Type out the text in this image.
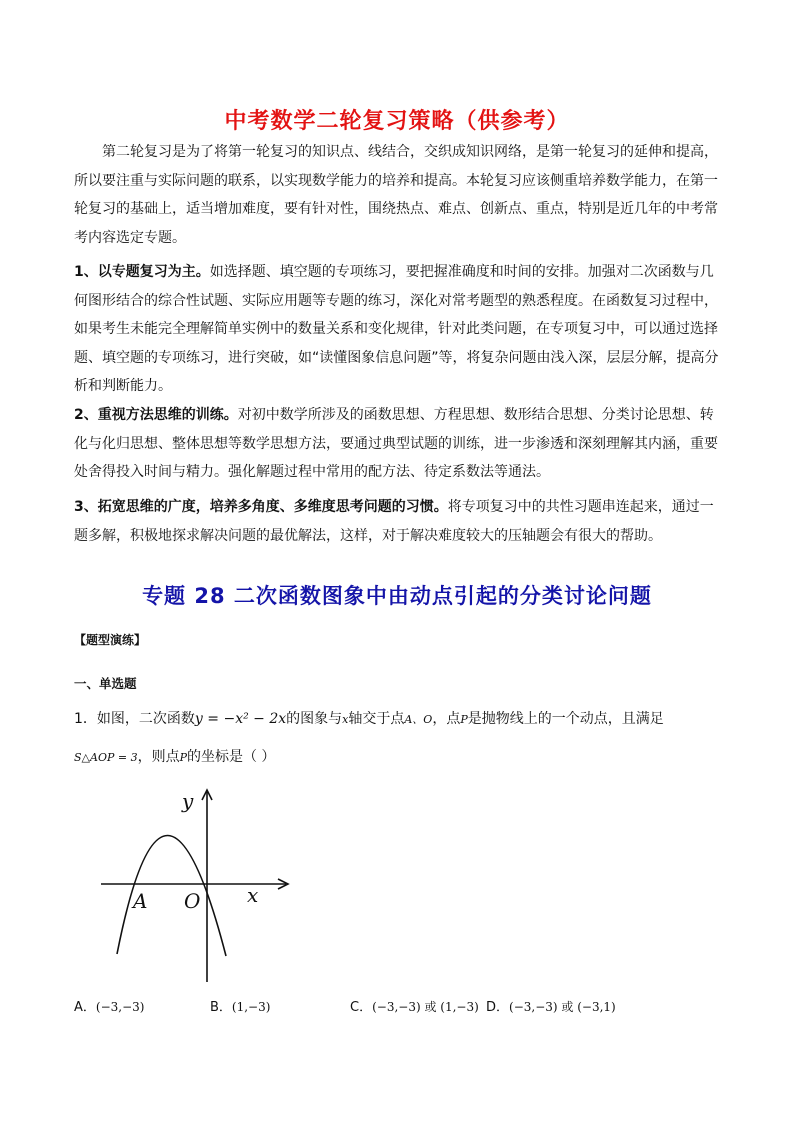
中考数学二轮复习策略（供参考）
第二轮复习是为了将第一轮复习的知识点、线结合，交织成知识网络，是第一轮复习的延伸和提高，所以要注重与实际问题的联系，以实现数学能力的培养和提高。本轮复习应该侧重培养数学能力，在第一轮复习的基础上，适当增加难度，要有针对性，围绕热点、难点、创新点、重点，特别是近几年的中考常考内容选定专题。
1、以专题复习为主。如选择题、填空题的专项练习，要把握准确度和时间的安排。加强对二次函数与几何图形结合的综合性试题、实际应用题等专题的练习，深化对常考题型的熟悉程度。在函数复习过程中，如果考生未能完全理解简单实例中的数量关系和变化规律，针对此类问题，在专项复习中，可以通过选择题、填空题的专项练习，进行突破，如“读懂图象信息问题”等，将复杂问题由浅入深，层层分解，提高分析和判断能力。
2、重视方法思维的训练。对初中数学所涉及的函数思想、方程思想、数形结合思想、分类讨论思想、转化与化归思想、整体思想等数学思想方法，要通过典型试题的训练，进一步渗透和深刻理解其内涵，重要处舍得投入时间与精力。强化解题过程中常用的配方法、待定系数法等通法。
3、拓宽思维的广度，培养多角度、多维度思考问题的习惯。将专项复习中的共性习题串连起来，通过一题多解，积极地探求解决问题的最优解法，这样，对于解决难度较大的压轴题会有很大的帮助。
专题 28 二次函数图象中由动点引起的分类讨论问题
【题型演练】
一、单选题
1．如图，二次函数y = −x² − 2x的图象与x轴交于点A、O，点P是抛物线上的一个动点，且满足
S△AOP = 3，则点P的坐标是（ ）
y
x
A O
A．(−3,−3)	B．(1,−3)	C．(−3,−3) 或 (1,−3) D．(−3,−3) 或 (−3,1)
